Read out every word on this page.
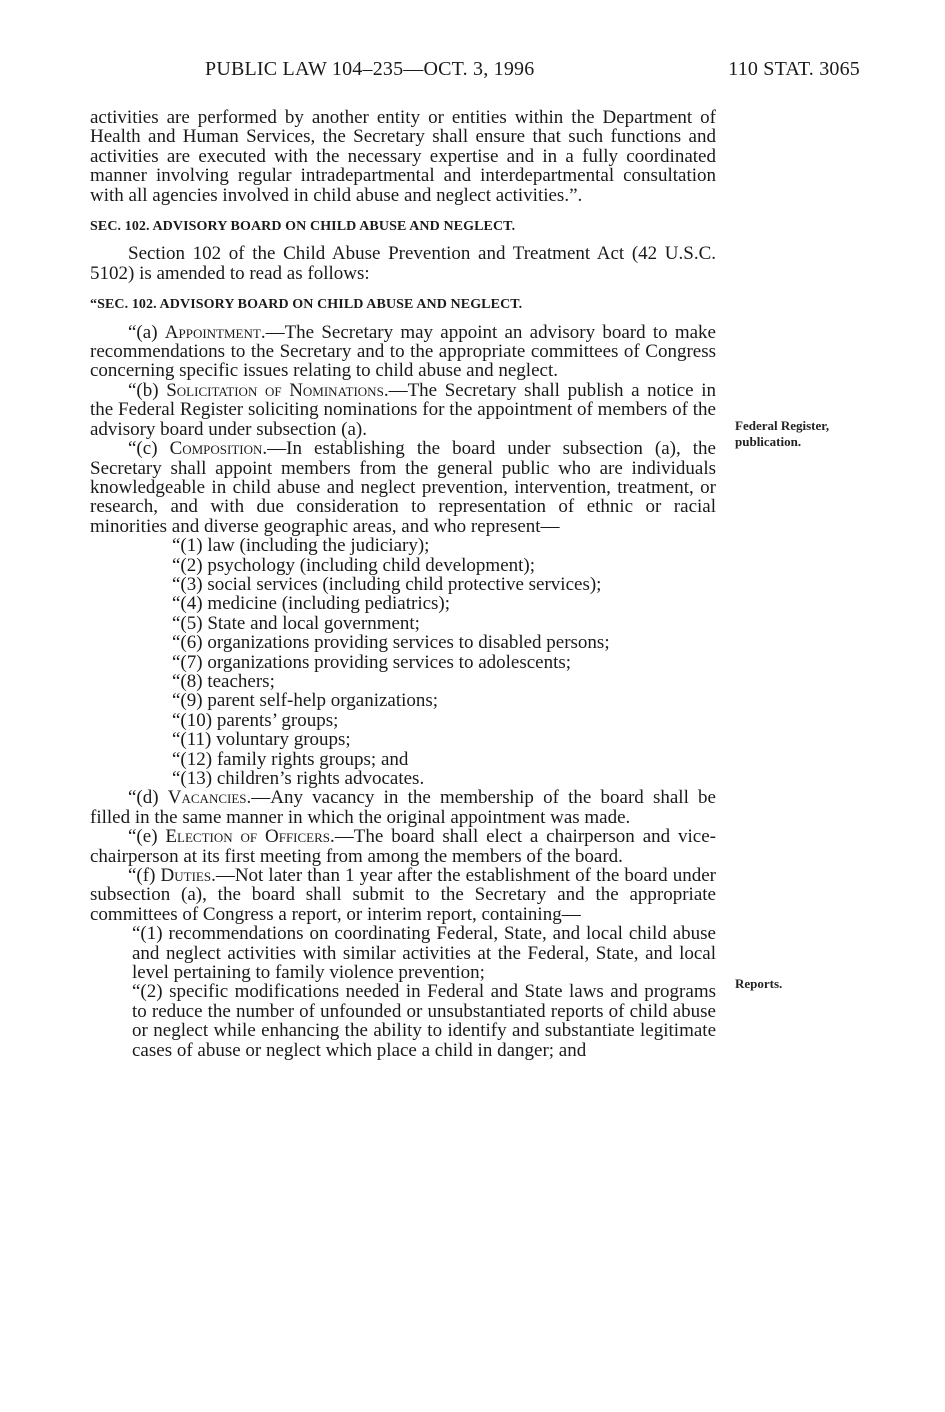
PUBLIC LAW 104–235—OCT. 3, 1996	110 STAT. 3065

activities are performed by another entity or entities within the Department of Health and Human Services, the Secretary shall ensure that such functions and activities are executed with the necessary expertise and in a fully coordinated manner involving regular intradepartmental and interdepartmental consultation with all agencies involved in child abuse and neglect activities.”.

SEC. 102. ADVISORY BOARD ON CHILD ABUSE AND NEGLECT.

Section 102 of the Child Abuse Prevention and Treatment Act (42 U.S.C. 5102) is amended to read as follows:

“SEC. 102. ADVISORY BOARD ON CHILD ABUSE AND NEGLECT.

“(a) Appointment.—The Secretary may appoint an advisory board to make recommendations to the Secretary and to the appropriate committees of Congress concerning specific issues relating to child abuse and neglect.

“(b) Solicitation of Nominations.—The Secretary shall publish a notice in the Federal Register soliciting nominations for the appointment of members of the advisory board under subsection (a).

“(c) Composition.—In establishing the board under subsection (a), the Secretary shall appoint members from the general public who are individuals knowledgeable in child abuse and neglect prevention, intervention, treatment, or research, and with due consideration to representation of ethnic or racial minorities and diverse geographic areas, and who represent—

“(1) law (including the judiciary);
“(2) psychology (including child development);
“(3) social services (including child protective services);
“(4) medicine (including pediatrics);
“(5) State and local government;
“(6) organizations providing services to disabled persons;
“(7) organizations providing services to adolescents;
“(8) teachers;
“(9) parent self-help organizations;
“(10) parents’ groups;
“(11) voluntary groups;
“(12) family rights groups; and
“(13) children’s rights advocates.

“(d) Vacancies.—Any vacancy in the membership of the board shall be filled in the same manner in which the original appointment was made.

“(e) Election of Officers.—The board shall elect a chairperson and vice-chairperson at its first meeting from among the members of the board.

“(f) Duties.—Not later than 1 year after the establishment of the board under subsection (a), the board shall submit to the Secretary and the appropriate committees of Congress a report, or interim report, containing—

“(1) recommendations on coordinating Federal, State, and local child abuse and neglect activities with similar activities at the Federal, State, and local level pertaining to family violence prevention;

“(2) specific modifications needed in Federal and State laws and programs to reduce the number of unfounded or unsubstantiated reports of child abuse or neglect while enhancing the ability to identify and substantiate legitimate cases of abuse or neglect which place a child in danger; and

Federal Register, publication.
Reports.
